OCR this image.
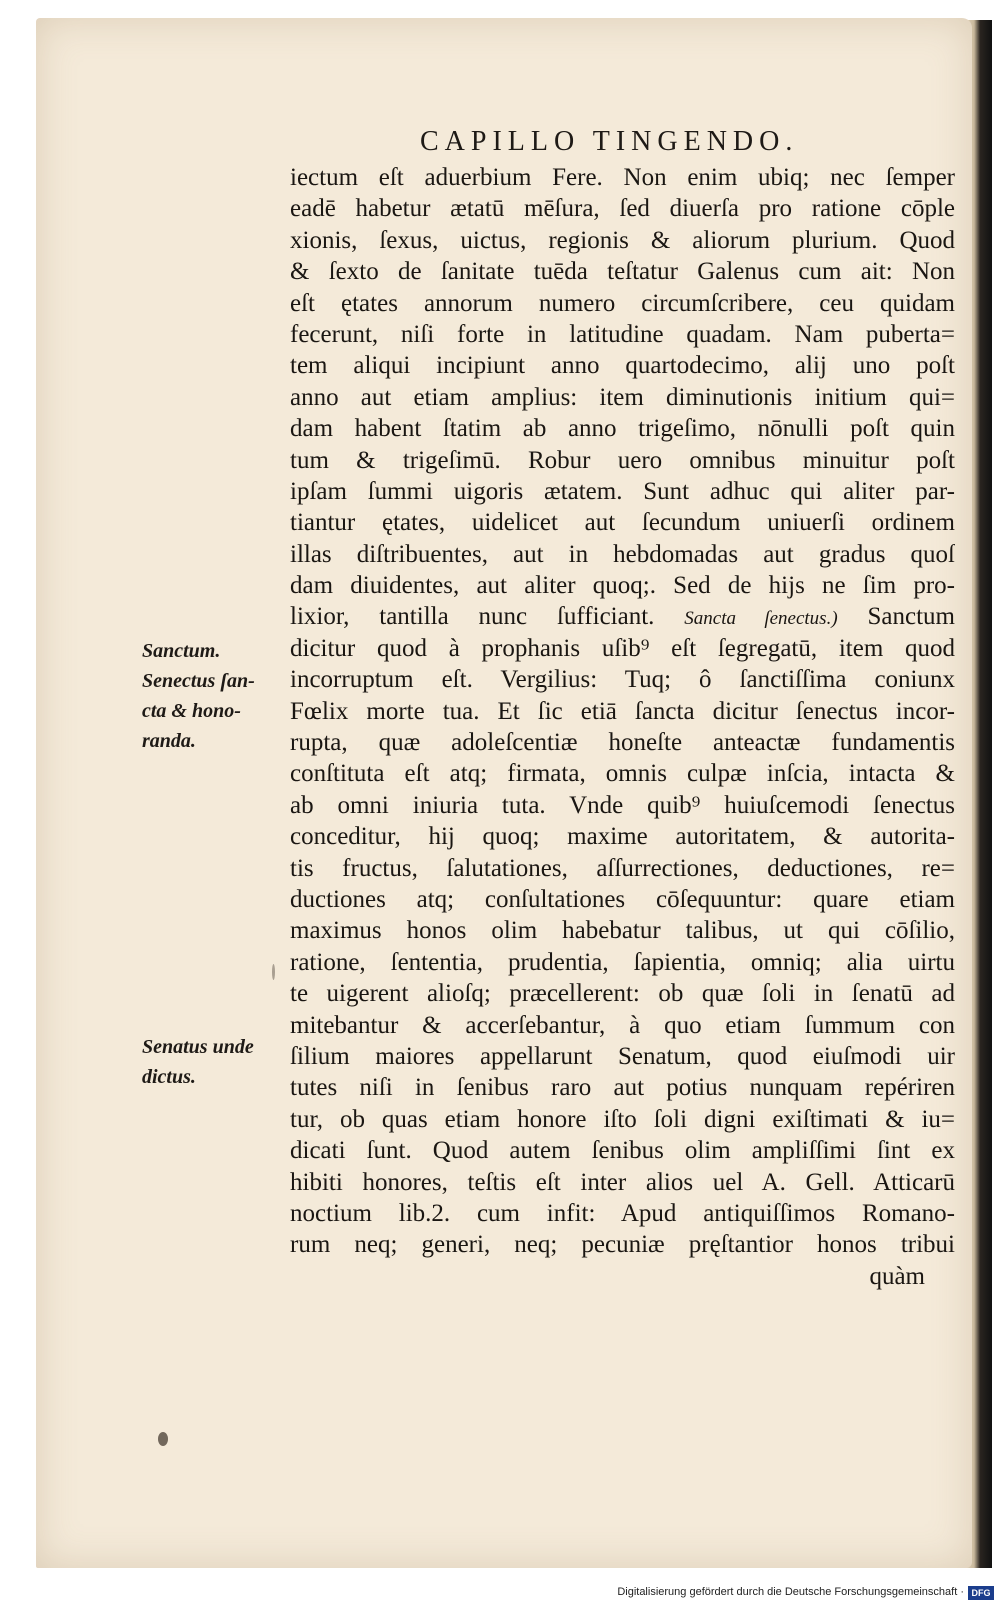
CAPILLO TINGENDO.
iectum eſt aduerbium Fere. Non enim ubiq; nec ſemper
eadē habetur ætatū mēſura, ſed diuerſa pro ratione cōple
xionis, ſexus, uictus, regionis & aliorum plurium. Quod
& ſexto de ſanitate tuēda teſtatur Galenus cum ait: Non
eſt ętates annorum numero circumſcribere, ceu quidam
fecerunt, niſi forte in latitudine quadam. Nam puberta=
tem aliqui incipiunt anno quartodecimo, alij uno poſt
anno aut etiam amplius: item diminutionis initium qui=
dam habent ſtatim ab anno trigeſimo, nōnulli poſt quin
tum & trigeſimū. Robur uero omnibus minuitur poſt
ipſam ſummi uigoris ætatem. Sunt adhuc qui aliter par-
tiantur ętates, uidelicet aut ſecundum uniuerſi ordinem
illas diſtribuentes, aut in hebdomadas aut gradus quoſ
dam diuidentes, aut aliter quoq;. Sed de hijs ne ſim pro-
lixior, tantilla nunc ſufficiant. Sancta ſenectus.) Sanctum
dicitur quod à prophanis uſib⁹ eſt ſegregatū, item quod
incorruptum eſt. Vergilius: Tuq; ô ſanctiſſima coniunx
Fœlix morte tua. Et ſic etiā ſancta dicitur ſenectus incor-
rupta, quæ adoleſcentiæ honeſte anteactæ fundamentis
conſtituta eſt atq; firmata, omnis culpæ inſcia, intacta &
ab omni iniuria tuta. Vnde quib⁹ huiuſcemodi ſenectus
conceditur, hij quoq; maxime autoritatem, & autorita-
tis fructus, ſalutationes, aſſurrectiones, deductiones, re=
ductiones atq; conſultationes cōſequuntur: quare etiam
maximus honos olim habebatur talibus, ut qui cōſilio,
ratione, ſententia, prudentia, ſapientia, omniq; alia uirtu
te uigerent alioſq; præcellerent: ob quæ ſoli in ſenatū ad
mitebantur & accerſebantur, à quo etiam ſummum con
ſilium maiores appellarunt Senatum, quod eiuſmodi uir
tutes niſi in ſenibus raro aut potius nunquam repériren
tur, ob quas etiam honore iſto ſoli digni exiſtimati & iu=
dicati ſunt. Quod autem ſenibus olim ampliſſimi ſint ex
hibiti honores, teſtis eſt inter alios uel A. Gell. Atticarū
noctium lib.2. cum infit: Apud antiquiſſimos Romano-
rum neq; generi, neq; pecuniæ pręſtantior honos tribui
quàm
Sanctum.
Senectus ſan-
cta & hono-
randa.
Senatus unde
dictus.
Digitalisierung gefördert durch die Deutsche Forschungsgemeinschaft · DFG
